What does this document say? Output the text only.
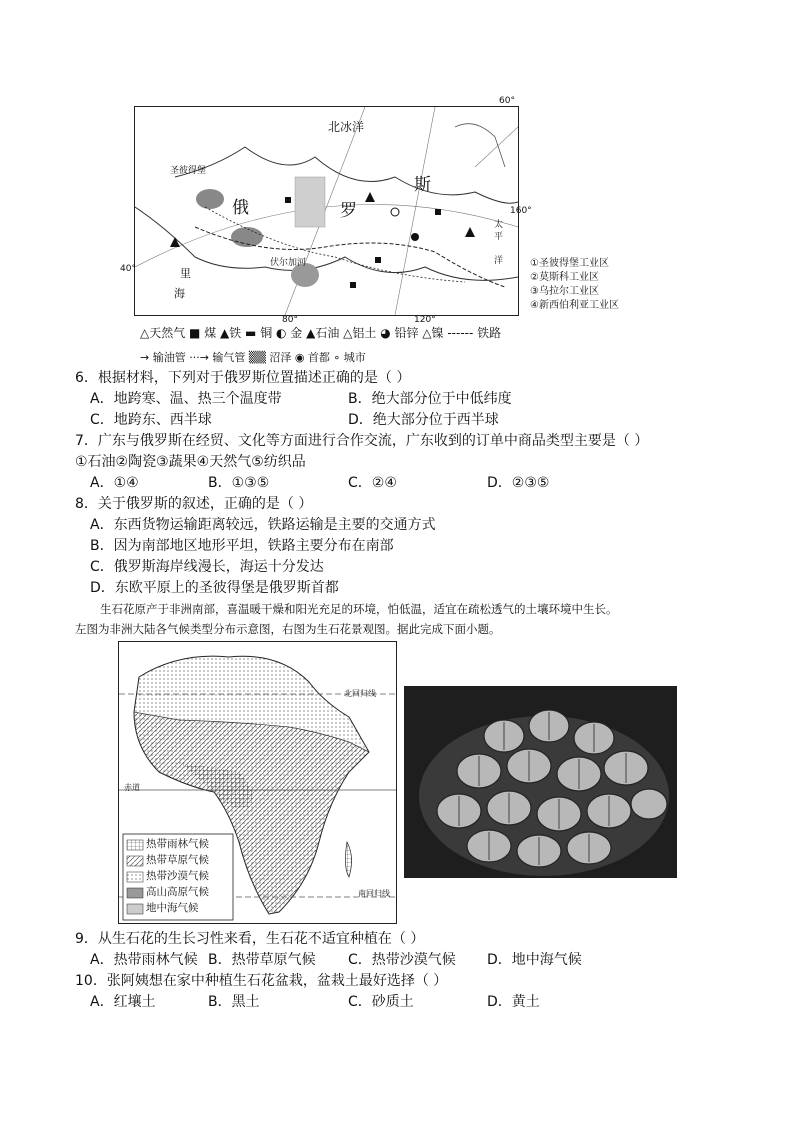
北冰洋
俄	罗
斯
60°
160°
40°
80°	120°
圣彼得堡
伏尔加河
里
海
太
平
洋	①圣彼得堡工业区
②莫斯科工业区
③乌拉尔工业区
④新西伯利亚工业区
△天然气 ■ 煤 ▲铁 ▬ 铜 ◐ 金 ▲石油 △铝土 ◕ 铅锌 △镍 ------ 铁路
→ 输油管 ···→ 输气管 ▒▒ 沼泽 ◉ 首都 ∘ 城市
6．根据材料，下列对于俄罗斯位置描述正确的是（ ）
A．地跨寒、温、热三个温度带	B．绝大部分位于中低纬度
C．地跨东、西半球	D．绝大部分位于西半球
7．广东与俄罗斯在经贸、文化等方面进行合作交流，广东收到的订单中商品类型主要是（ ）
①石油②陶瓷③蔬果④天然气⑤纺织品
A．①④	B．①③⑤	C．②④	D．②③⑤
8．关于俄罗斯的叙述，正确的是（ ）
A．东西货物运输距离较远，铁路运输是主要的交通方式
B．因为南部地区地形平坦，铁路主要分布在南部
C．俄罗斯海岸线漫长，海运十分发达
D．东欧平原上的圣彼得堡是俄罗斯首都
生石花原产于非洲南部，喜温暖干燥和阳光充足的环境，怕低温，适宜在疏松透气的土壤环境中生长。
左图为非洲大陆各气候类型分布示意图，右图为生石花景观图。据此完成下面小题。
北回归线
赤道
南回归线
热带雨林气候
热带草原气候
热带沙漠气候
高山高原气候
地中海气候
9．从生石花的生长习性来看，生石花不适宜种植在（ ）
A．热带雨林气候 B．热带草原气候 C．热带沙漠气候 D．地中海气候
10．张阿姨想在家中种植生石花盆栽，盆栽土最好选择（ ）
A．红壤土	B．黑土	C．砂质土	D．黄土
